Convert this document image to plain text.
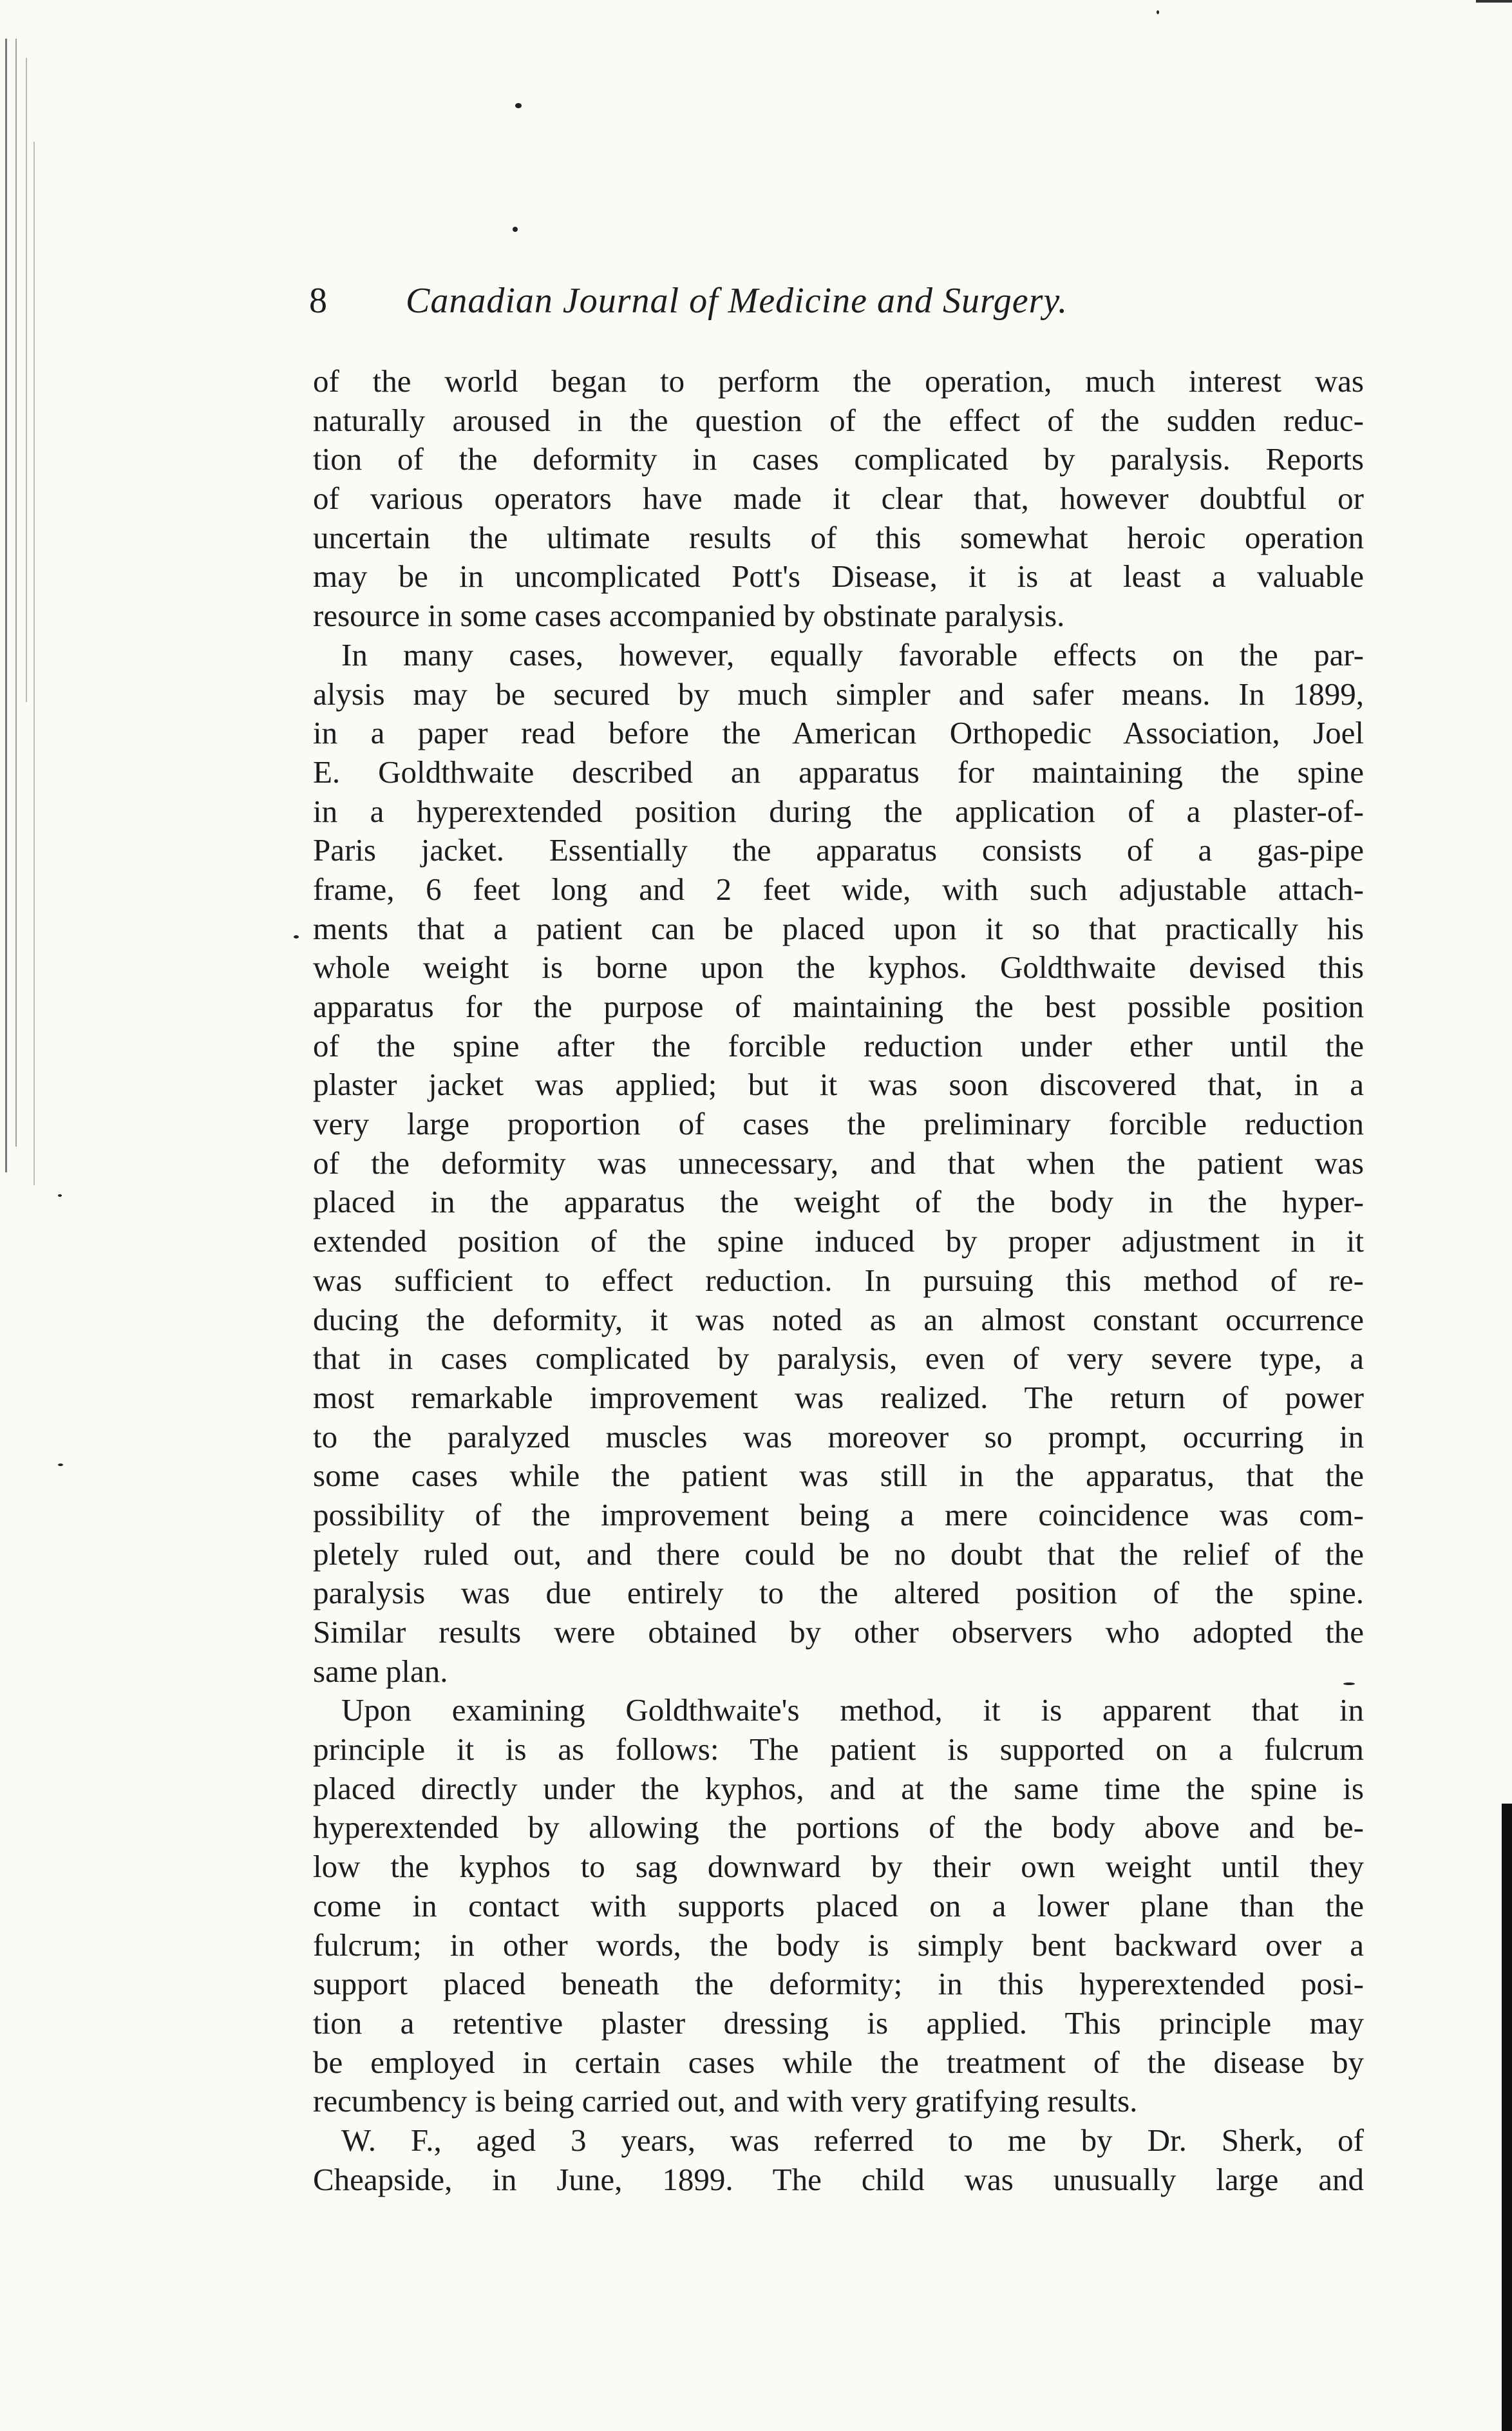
8 Canadian Journal of Medicine and Surgery.
of the world began to perform the operation, much interest was
naturally aroused in the question of the effect of the sudden reduc-
tion of the deformity in cases complicated by paralysis. Reports
of various operators have made it clear that, however doubtful or
uncertain the ultimate results of this somewhat heroic operation
may be in uncomplicated Pott's Disease, it is at least a valuable
resource in some cases accompanied by obstinate paralysis.
In many cases, however, equally favorable effects on the par-
alysis may be secured by much simpler and safer means. In 1899,
in a paper read before the American Orthopedic Association, Joel
E. Goldthwaite described an apparatus for maintaining the spine
in a hyperextended position during the application of a plaster-of-
Paris jacket. Essentially the apparatus consists of a gas-pipe
frame, 6 feet long and 2 feet wide, with such adjustable attach-
ments that a patient can be placed upon it so that practically his
whole weight is borne upon the kyphos. Goldthwaite devised this
apparatus for the purpose of maintaining the best possible position
of the spine after the forcible reduction under ether until the
plaster jacket was applied; but it was soon discovered that, in a
very large proportion of cases the preliminary forcible reduction
of the deformity was unnecessary, and that when the patient was
placed in the apparatus the weight of the body in the hyper-
extended position of the spine induced by proper adjustment in it
was sufficient to effect reduction. In pursuing this method of re-
ducing the deformity, it was noted as an almost constant occurrence
that in cases complicated by paralysis, even of very severe type, a
most remarkable improvement was realized. The return of power
to the paralyzed muscles was moreover so prompt, occurring in
some cases while the patient was still in the apparatus, that the
possibility of the improvement being a mere coincidence was com-
pletely ruled out, and there could be no doubt that the relief of the
paralysis was due entirely to the altered position of the spine.
Similar results were obtained by other observers who adopted the
same plan.
Upon examining Goldthwaite's method, it is apparent that in
principle it is as follows: The patient is supported on a fulcrum
placed directly under the kyphos, and at the same time the spine is
hyperextended by allowing the portions of the body above and be-
low the kyphos to sag downward by their own weight until they
come in contact with supports placed on a lower plane than the
fulcrum; in other words, the body is simply bent backward over a
support placed beneath the deformity; in this hyperextended posi-
tion a retentive plaster dressing is applied. This principle may
be employed in certain cases while the treatment of the disease by
recumbency is being carried out, and with very gratifying results.
W. F., aged 3 years, was referred to me by Dr. Sherk, of
Cheapside, in June, 1899. The child was unusually large and
